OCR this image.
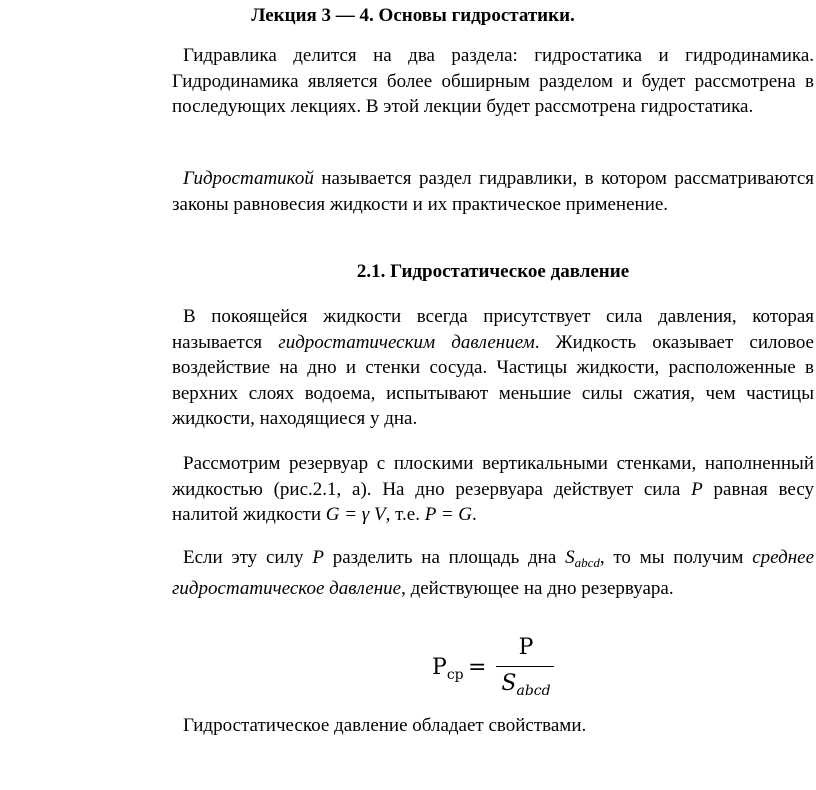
Лекция 3 — 4. Основы гидростатики.
Гидравлика делится на два раздела: гидростатика и гидродинамика. Гидродинамика является более обширным разделом и будет рассмотрена в последующих лекциях. В этой лекции будет рассмотрена гидростатика.
Гидростатикой называется раздел гидравлики, в котором рассматриваются законы равновесия жидкости и их практическое применение.
2.1. Гидростатическое давление
В покоящейся жидкости всегда присутствует сила давления, которая называется гидростатическим давлением. Жидкость оказывает силовое воздействие на дно и стенки сосуда. Частицы жидкости, расположенные в верхних слоях водоема, испытывают меньшие силы сжатия, чем частицы жидкости, находящиеся у дна.
Рассмотрим резервуар с плоскими вертикальными стенками, наполненный жидкостью (рис.2.1, а). На дно резервуара действует сила P равная весу налитой жидкости G = γ V, т.е. P = G.
Если эту силу P разделить на площадь дна $S_{abcd}$, то мы получим среднее гидростатическое давление, действующее на дно резервуара.
$P_{ср}$ =
P
$S_{abcd}$
Гидростатическое давление обладает свойствами.
